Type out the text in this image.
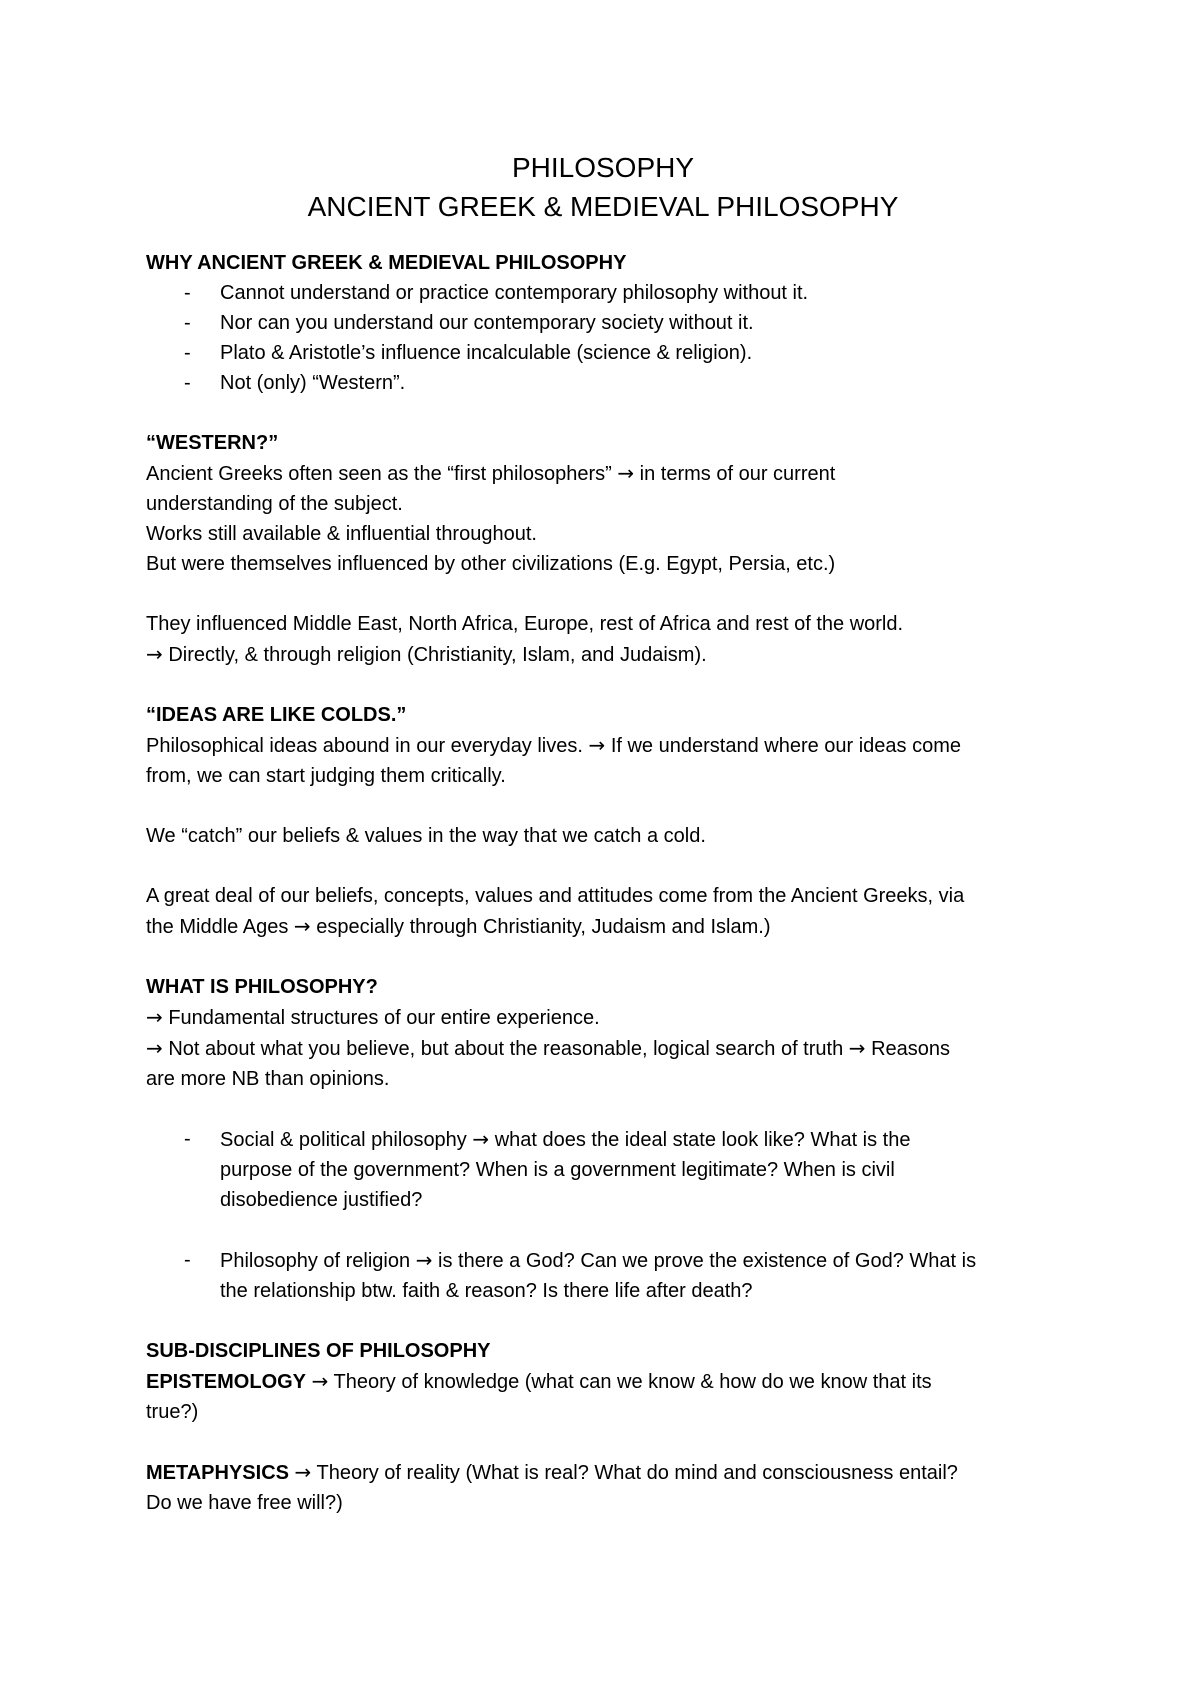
PHILOSOPHY
ANCIENT GREEK & MEDIEVAL PHILOSOPHY
WHY ANCIENT GREEK & MEDIEVAL PHILOSOPHY
- Cannot understand or practice contemporary philosophy without it.
- Nor can you understand our contemporary society without it.
- Plato & Aristotle’s influence incalculable (science & religion).
- Not (only) “Western”.
“WESTERN?”
Ancient Greeks often seen as the “first philosophers” → in terms of our current
understanding of the subject.
Works still available & influential throughout.
But were themselves influenced by other civilizations (E.g. Egypt, Persia, etc.)
They influenced Middle East, North Africa, Europe, rest of Africa and rest of the world.
→ Directly, & through religion (Christianity, Islam, and Judaism).
“IDEAS ARE LIKE COLDS.”
Philosophical ideas abound in our everyday lives. → If we understand where our ideas come
from, we can start judging them critically.
We “catch” our beliefs & values in the way that we catch a cold.
A great deal of our beliefs, concepts, values and attitudes come from the Ancient Greeks, via
the Middle Ages → especially through Christianity, Judaism and Islam.)
WHAT IS PHILOSOPHY?
→ Fundamental structures of our entire experience.
→ Not about what you believe, but about the reasonable, logical search of truth → Reasons
are more NB than opinions.
- Social & political philosophy → what does the ideal state look like? What is the
purpose of the government? When is a government legitimate? When is civil
disobedience justified?
- Philosophy of religion → is there a God? Can we prove the existence of God? What is
the relationship btw. faith & reason? Is there life after death?
SUB-DISCIPLINES OF PHILOSOPHY
EPISTEMOLOGY → Theory of knowledge (what can we know & how do we know that its
true?)
METAPHYSICS → Theory of reality (What is real? What do mind and consciousness entail?
Do we have free will?)
